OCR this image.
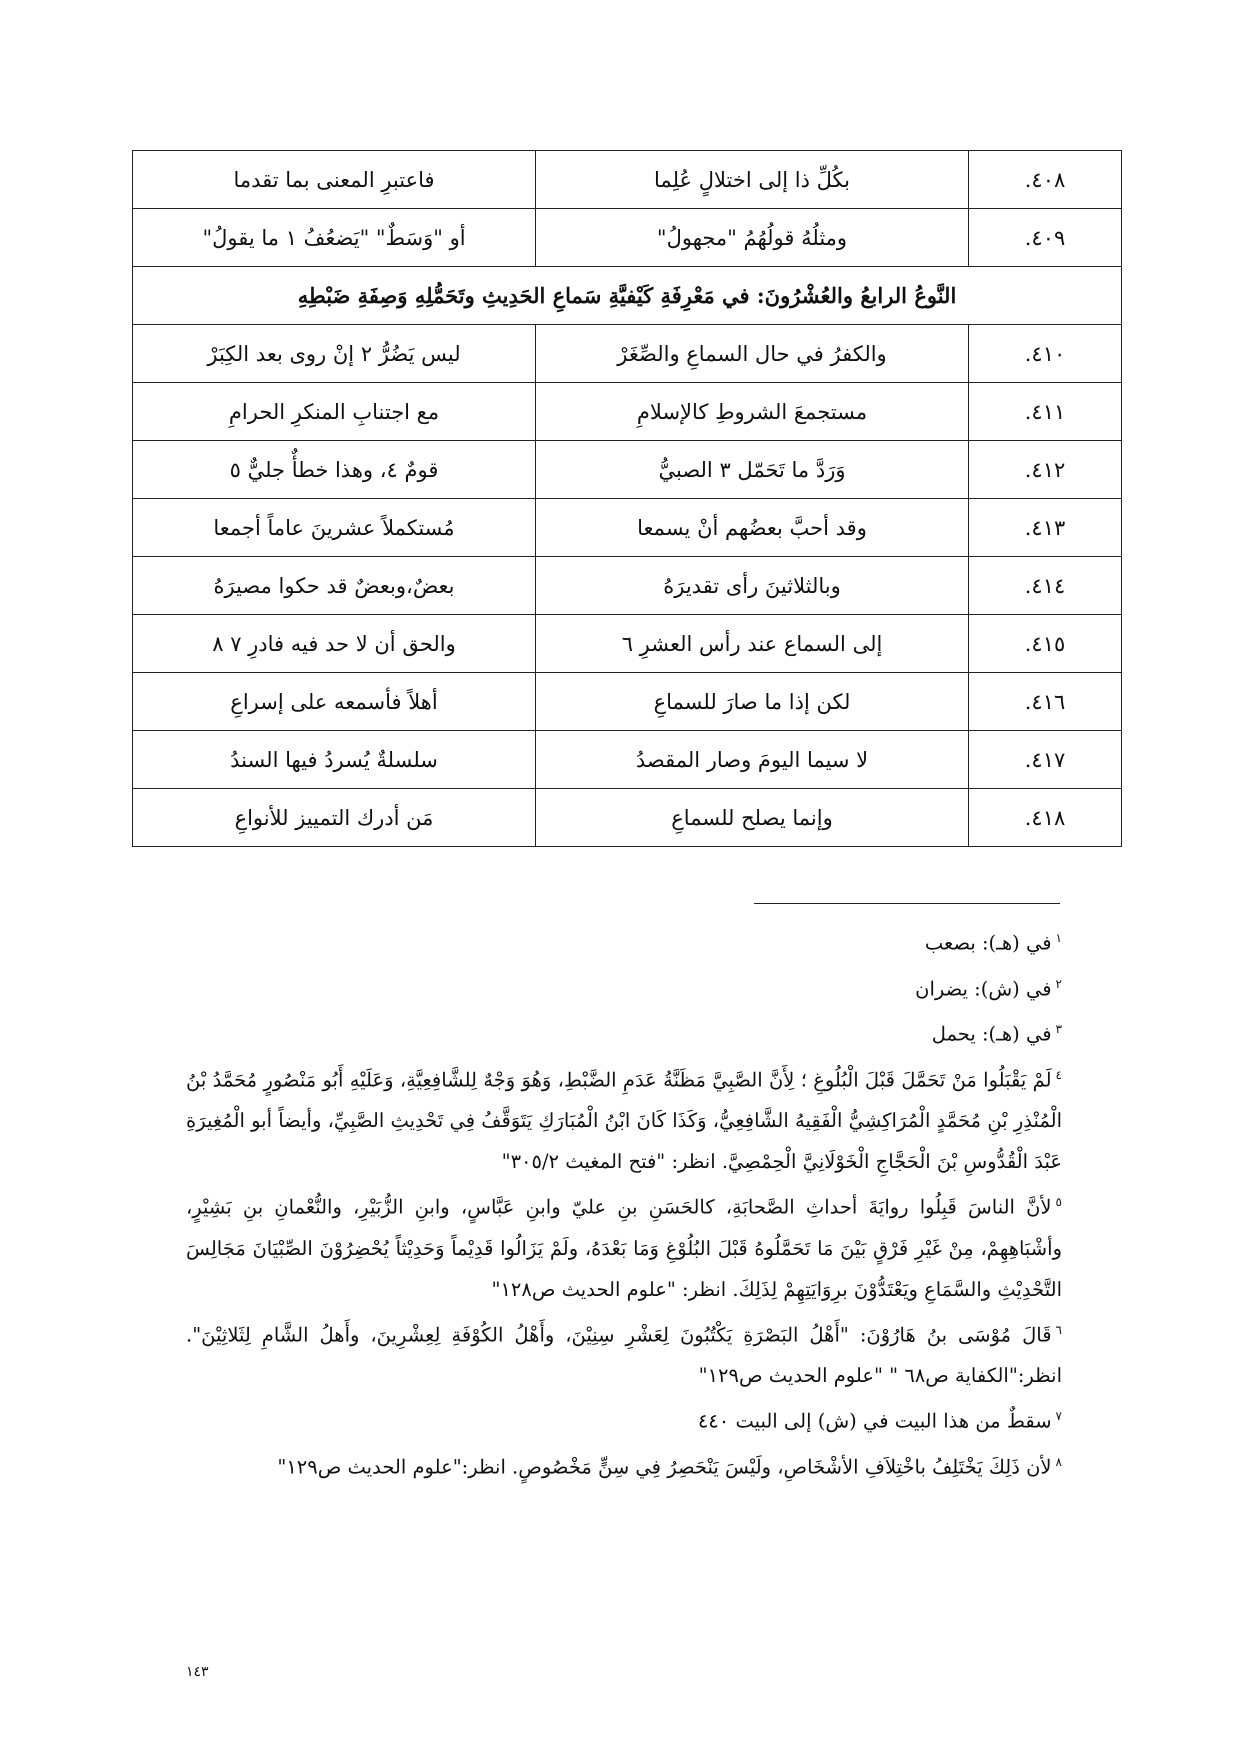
٤٠٨.	بكُلِّ ذا إلى اختلالٍ عُلِما	فاعتبرِ المعنى بما تقدما
٤٠٩.	ومثلُهُ قولُهُمُ "مجهولُ"	أو "وَسَطٌ" "يَضعُفُ ١ ما يقولُ"
النَّوعُ الرابعُ والعُشْرُونَ: في مَعْرِفَةِ كَيْفيَّةِ سَماعِ الحَدِيثِ وتَحَمُّلِهِ وَصِفَةِ ضَبْطِهِ		
٤١٠.	والكفرُ في حال السماعِ والصِّغَرْ	ليس يَضُرُّ ٢ إنْ روى بعد الكِبَرْ
٤١١.	مستجمعَ الشروطِ كالإسلامِ	مع اجتنابِ المنكرِ الحرامِ
٤١٢.	وَرَدَّ ما تَحَمّل ٣ الصبيُّ	قومٌ ٤، وهذا خطأٌ جليٌّ ٥
٤١٣.	وقد أحبَّ بعضُهم أنْ يسمعا	مُستكملاً عشرينَ عاماً أجمعا
٤١٤.	وبالثلاثينَ رأى تقديرَهُ	بعضٌ،وبعضٌ قد حكوا مصيرَهُ
٤١٥.	إلى السماع عند رأس العشرِ ٦	والحق أن لا حد فيه فادرِ ٧ ٨
٤١٦.	لكن إذا ما صارَ للسماعِ	أهلاً فأسمعه على إسراعِ
٤١٧.	لا سيما اليومَ وصار المقصدُ	سلسلةٌ يُسردُ فيها السندُ
٤١٨.	وإنما يصلح للسماعِ	مَن أدرك التمييز للأنواعِ

$^١$في (هـ): بصعب

$^٢$في (ش): يضران

$^٣$في (هـ): يحمل

$^٤$لَمْ يَقْبَلُوا مَنْ تَحَمَّلَ قَبْلَ الْبُلُوغِ ؛ لِأَنَّ الصَّبِيَّ مَظَنَّةُ عَدَمِ الضَّبْطِ، وَهُوَ وَجْهٌ لِلشَّافِعِيَّةِ، وَعَلَيْهِ أَبُو مَنْصُورٍ مُحَمَّدُ بْنُ الْمُنْذِرِ بْنِ مُحَمَّدٍ الْمُرَاكِشِيُّ الْفَقِيهُ الشَّافِعِيُّ، وَكَذَا كَانَ ابْنُ الْمُبَارَكِ يَتَوَقَّفُ فِي تَحْدِيثِ الصَّبِيِّ، وأيضاً أبو الْمُغِيرَةِ عَبْدَ الْقُدُّوسِ بْنَ الْحَجَّاجِ الْخَوْلَانِيَّ الْحِمْصِيَّ. انظر: "فتح المغيث ٣٠٥/٢"

$^٥$لأنَّ الناسَ قَبِلُوا روايَةَ أحداثِ الصَّحابَةِ، كالحَسَنِ بنِ عليّ وابنِ عَبَّاسٍ، وابنِ الزُّبَيْرِ، والنُّعْمانِ بنِ بَشِيْرٍ، وأشْبَاهِهِمْ، مِنْ غَيْرِ فَرْقٍ بَيْنَ مَا تَحَمَّلُوهُ قَبْلَ البُلُوْغِ وَمَا بَعْدَهُ، ولَمْ يَزَالُوا قَدِيْماً وَحَدِيْثاً يُحْضِرُوْنَ الصِّبْيَانَ مَجَالِسَ التَّحْدِيْثِ والسَّمَاعِ ويَعْتَدُّوْنَ برِوَايَتِهِمْ لِذَلِكَ. انظر: "علوم الحديث ص١٢٨"

$^٦$قَالَ مُوْسَى بنُ هَارُوْنَ: "أَهْلُ البَصْرَةِ يَكْتُبُونَ لِعَشْرِ سِنِيْنَ، وأَهْلُ الكُوْفَةِ لِعِشْرِينَ، وأَهلُ الشَّامِ لِثَلاثِيْنَ". انظر:"الكفاية ص٦٨ " "علوم الحديث ص١٢٩"

$^٧$سقطٌ من هذا البيت في (ش) إلى البيت ٤٤٠

$^٨$لأن ذَلِكَ يَخْتَلِفُ باخْتِلاَفِ الأشْخَاصِ، ولَيْسَ يَنْحَصِرُ فِي سِنٍّ مَخْصُوصٍ. انظر:"علوم الحديث ص١٢٩"

١٤٣
